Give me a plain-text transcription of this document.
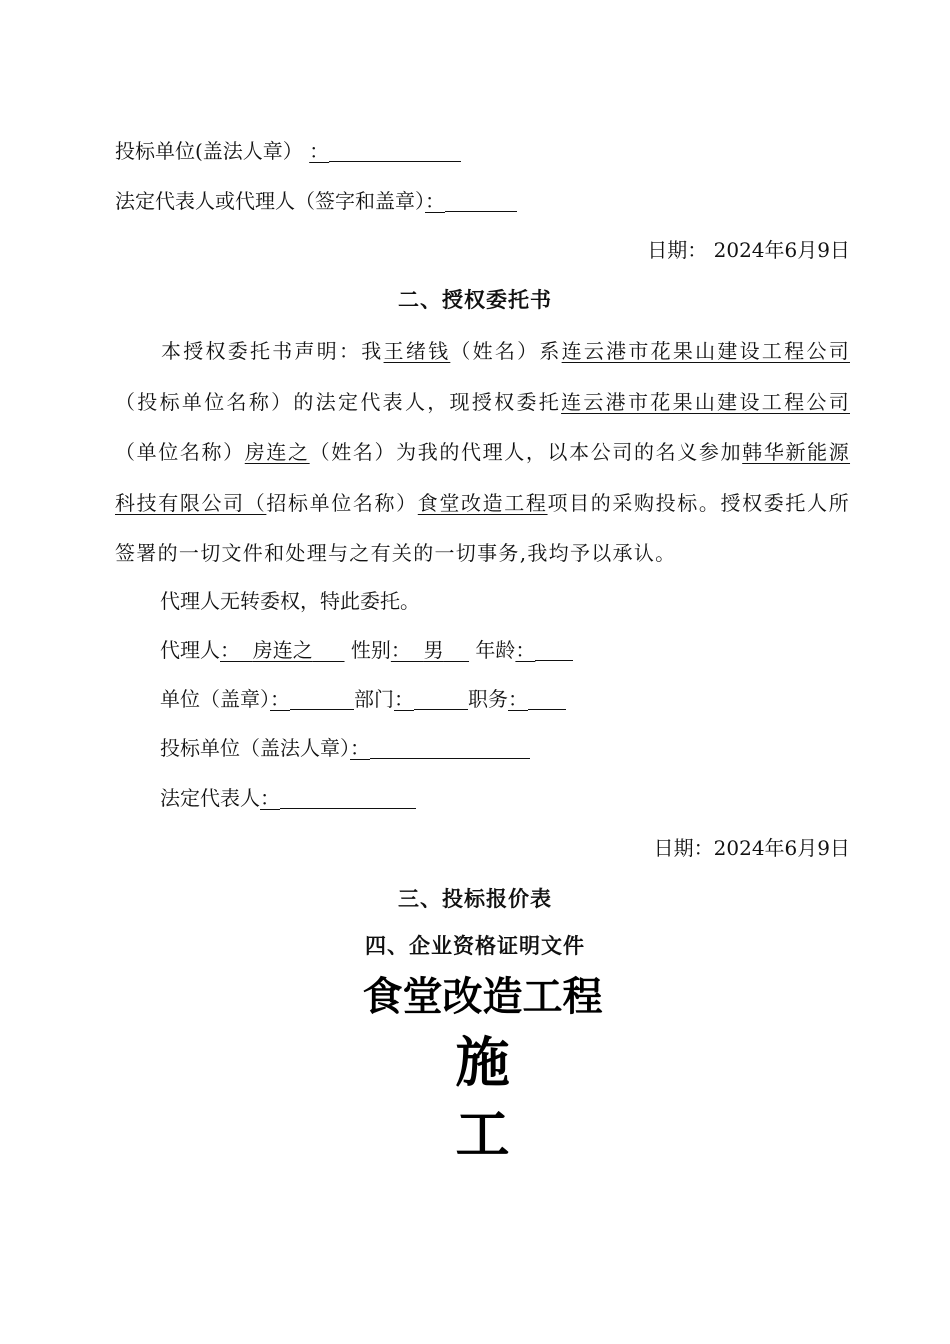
投标单位(盖法人章） ：
法定代表人或代理人（签字和盖章）：
日期： 2024年6月9日
二、授权委托书
本授权委托书声明：我王绪钱（姓名）系连云港市花果山建设工程公司（投标单位名称）的法定代表人，现授权委托连云港市花果山建设工程公司（单位名称）房连之（姓名）为我的代理人，以本公司的名义参加韩华新能源科技有限公司（招标单位名称）食堂改造工程项目的采购投标。授权委托人所签署的一切文件和处理与之有关的一切事务,我均予以承认。
代理人无转委权，特此委托。
代理人：  房连之 性别：  男 年龄：
单位（盖章）：	部门：	职务：
投标单位（盖法人章）：
法定代表人：
日期：2024年6月9日
三、投标报价表
四、企业资格证明文件
食堂改造工程
施
工
